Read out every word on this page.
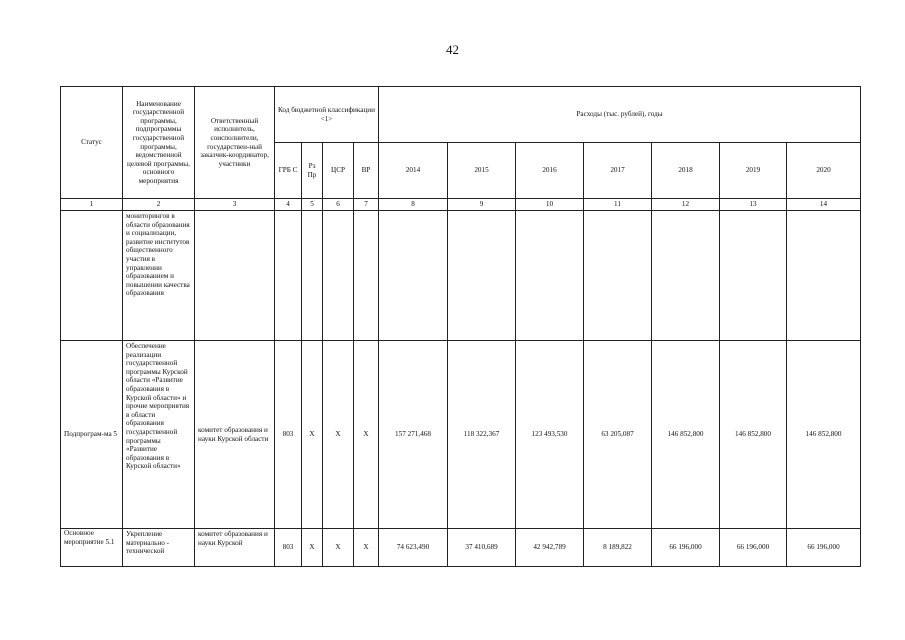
42
Статус	Наименование государственной программы, подпрограммы государственной программы, ведомственной целевой программы, основного мероприятия	Ответственный исполнитель, соисполнители, государствен-ный заказчик-координатор, участники	Код бюджетной классификации <1>				Расходы (тыс. рублей), годы						
			ГРБ С	Рз Пр	ЦСР	ВР	2014	2015	2016	2017	2018	2019	2020
1	2	3	4	5	6	7	8	9	10	11	12	13	14
	мониторингов в области образования и социализации, развитие институтов общественного участия в управлении образованием и повышении качества образования												
Подпрограм-ма 5	Обеспечение реализации государственной программы Курской области «Развитие образования в Курской области» и прочие мероприятия в области образования государственной программы «Развитие образования в Курской области»	комитет образования и науки Курской области	803	Х	Х	Х	157 271,468	118 322,367	123 493,530	63 205,087	146 852,800	146 852,800	146 852,800
Основное мероприятие 5.1	Укрепление материально - технической	комитет образования и науки Курской	803	Х	Х	Х	74 623,490	37 410,689	42 942,789	8 189,822	66 196,000	66 196,000	66 196,000
